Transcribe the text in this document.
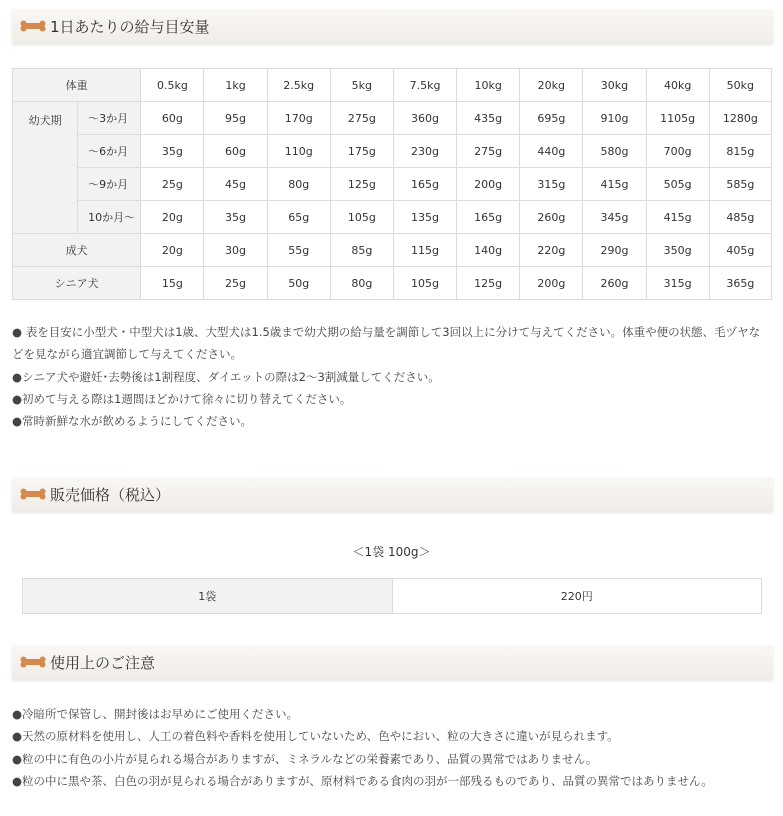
1日あたりの給与目安量
体重		0.5kg	1kg	2.5kg	5kg	7.5kg	10kg	20kg	30kg	40kg	50kg
幼犬期	〜3か月	60g	95g	170g	275g	360g	435g	695g	910g	1105g	1280g
	〜6か月	35g	60g	110g	175g	230g	275g	440g	580g	700g	815g
	〜9か月	25g	45g	80g	125g	165g	200g	315g	415g	505g	585g
	10か月〜	20g	35g	65g	105g	135g	165g	260g	345g	415g	485g
成犬		20g	30g	55g	85g	115g	140g	220g	290g	350g	405g
シニア犬		15g	25g	50g	80g	105g	125g	200g	260g	315g	365g

● 表を目安に小型犬・中型犬は1歳、大型犬は1.5歳まで幼犬期の給与量を調節して3回以上に分けて与えてください。体重や便の状態、毛ヅヤなどを見ながら適宜調節して与えてください。

●シニア犬や避妊･去勢後は1割程度、ダイエットの際は2〜3割減量してください。

●初めて与える際は1週間ほどかけて徐々に切り替えてください。

●常時新鮮な水が飲めるようにしてください。

販売価格（税込）
＜1袋 100g＞
1袋	220円
使用上のご注意

●冷暗所で保管し、開封後はお早めにご使用ください。

●天然の原材料を使用し、人工の着色料や香料を使用していないため、色やにおい、粒の大きさに違いが見られます。

●粒の中に有色の小片が見られる場合がありますが、ミネラルなどの栄養素であり、品質の異常ではありません。

●粒の中に黒や茶、白色の羽が見られる場合がありますが、原材料である食肉の羽が一部残るものであり、品質の異常ではありません。
